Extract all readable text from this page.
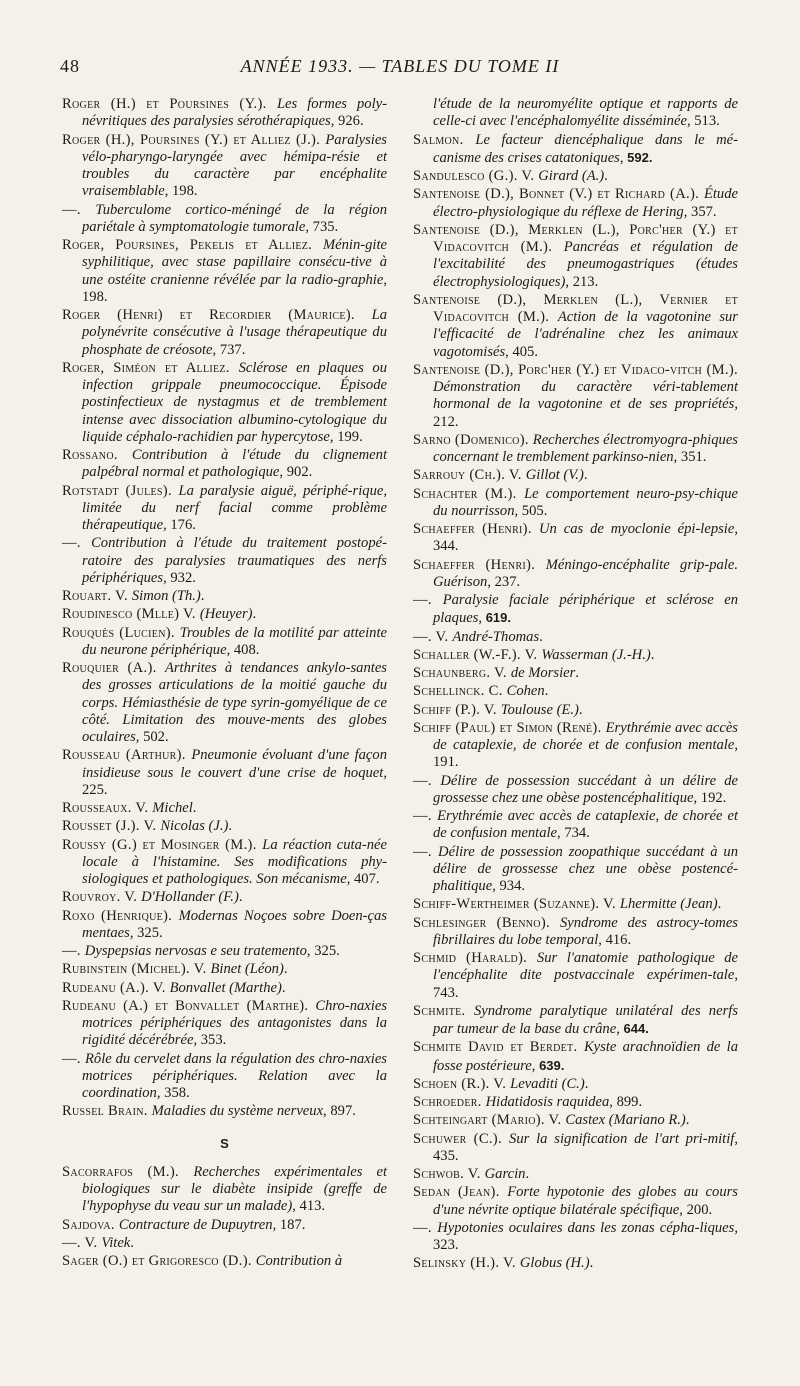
48	ANNÉE 1933. — TABLES DU TOME II

Roger (H.) et Poursines (Y.). Les formes poly-névritiques des paralysies sérothérapiques, 926.

Roger (H.), Poursines (Y.) et Alliez (J.). Paralysies vélo-pharyngo-laryngée avec hémipa-résie et troubles du caractère par encéphalite vraisemblable, 198.

—. Tuberculome cortico-méningé de la région pariétale à symptomatologie tumorale, 735.

Roger, Poursines, Pekelis et Alliez. Ménin-gite syphilitique, avec stase papillaire consécu-tive à une ostéite cranienne révélée par la radio-graphie, 198.

Roger (Henri) et Recordier (Maurice). La polynévrite consécutive à l'usage thérapeutique du phosphate de créosote, 737.

Roger, Siméon et Alliez. Sclérose en plaques ou infection grippale pneumococcique. Épisode postinfectieux de nystagmus et de tremblement intense avec dissociation albumino-cytologique du liquide céphalo-rachidien par hypercytose, 199.

Rossano. Contribution à l'étude du clignement palpébral normal et pathologique, 902.

Rotstadt (Jules). La paralysie aiguë, périphé-rique, limitée du nerf facial comme problème thérapeutique, 176.

—. Contribution à l'étude du traitement postopé-ratoire des paralysies traumatiques des nerfs périphériques, 932.

Rouart. V. Simon (Th.).

Roudinesco (Mlle) V. (Heuyer).

Rouquès (Lucien). Troubles de la motilité par atteinte du neurone périphérique, 408.

Rouquier (A.). Arthrites à tendances ankylo-santes des grosses articulations de la moitié gauche du corps. Hémiasthésie de type syrin-gomyélique de ce côté. Limitation des mouve-ments des globes oculaires, 502.

Rousseau (Arthur). Pneumonie évoluant d'une façon insidieuse sous le couvert d'une crise de hoquet, 225.

Rousseaux. V. Michel.

Rousset (J.). V. Nicolas (J.).

Roussy (G.) et Mosinger (M.). La réaction cuta-née locale à l'histamine. Ses modifications phy-siologiques et pathologiques. Son mécanisme, 407.

Rouvroy. V. D'Hollander (F.).

Roxo (Henrique). Modernas Noçoes sobre Doen-ças mentaes, 325.

—. Dyspepsias nervosas e seu tratemento, 325.

Rubinstein (Michel). V. Binet (Léon).

Rudeanu (A.). V. Bonvallet (Marthe).

Rudeanu (A.) et Bonvallet (Marthe). Chro-naxies motrices périphériques des antagonistes dans la rigidité décérébrée, 353.

—. Rôle du cervelet dans la régulation des chro-naxies motrices périphériques. Relation avec la coordination, 358.

Russel Brain. Maladies du système nerveux, 897.

S

Sacorrafos (M.). Recherches expérimentales et biologiques sur le diabète insipide (greffe de l'hypophyse du veau sur un malade), 413.

Sajdova. Contracture de Dupuytren, 187.

—. V. Vitek.

Sager (O.) et Grigoresco (D.). Contribution à

l'étude de la neuromyélite optique et rapports de celle-ci avec l'encéphalomyélite disséminée, 513.

Salmon. Le facteur diencéphalique dans le mé-canisme des crises catatoniques, 592.

Sandulesco (G.). V. Girard (A.).

Santenoise (D.), Bonnet (V.) et Richard (A.). Étude électro-physiologique du réflexe de Hering, 357.

Santenoise (D.), Merklen (L.), Porc'her (Y.) et Vidacovitch (M.). Pancréas et régulation de l'excitabilité des pneumogastriques (études électrophysiologiques), 213.

Santenoise (D.), Merklen (L.), Vernier et Vidacovitch (M.). Action de la vagotonine sur l'efficacité de l'adrénaline chez les animaux vagotomisés, 405.

Santenoise (D.), Porc'her (Y.) et Vidaco-vitch (M.). Démonstration du caractère véri-tablement hormonal de la vagotonine et de ses propriétés, 212.

Sarno (Domenico). Recherches électromyogra-phiques concernant le tremblement parkinso-nien, 351.

Sarrouy (Ch.). V. Gillot (V.).

Schachter (M.). Le comportement neuro-psy-chique du nourrisson, 505.

Schaeffer (Henri). Un cas de myoclonie épi-lepsie, 344.

Schaeffer (Henri). Méningo-encéphalite grip-pale. Guérison, 237.

—. Paralysie faciale périphérique et sclérose en plaques, 619.

—. V. André-Thomas.

Schaller (W.-F.). V. Wasserman (J.-H.).

Schaunberg. V. de Morsier.

Schellinck. C. Cohen.

Schiff (P.). V. Toulouse (E.).

Schiff (Paul) et Simon (René). Erythrémie avec accès de cataplexie, de chorée et de confusion mentale, 191.

—. Délire de possession succédant à un délire de grossesse chez une obèse postencéphalitique, 192.

—. Erythrémie avec accès de cataplexie, de chorée et de confusion mentale, 734.

—. Délire de possession zoopathique succédant à un délire de grossesse chez une obèse postencé-phalitique, 934.

Schiff-Wertheimer (Suzanne). V. Lhermitte (Jean).

Schlesinger (Benno). Syndrome des astrocy-tomes fibrillaires du lobe temporal, 416.

Schmid (Harald). Sur l'anatomie pathologique de l'encéphalite dite postvaccinale expérimen-tale, 743.

Schmite. Syndrome paralytique unilatéral des nerfs par tumeur de la base du crâne, 644.

Schmite David et Berdet. Kyste arachnoïdien de la fosse postérieure, 639.

Schoen (R.). V. Levaditi (C.).

Schroeder. Hidatidosis raquidea, 899.

Schteingart (Mario). V. Castex (Mariano R.).

Schuwer (C.). Sur la signification de l'art pri-mitif, 435.

Schwob. V. Garcin.

Sedan (Jean). Forte hypotonie des globes au cours d'une névrite optique bilatérale spécifique, 200.

—. Hypotonies oculaires dans les zonas cépha-liques, 323.

Selinsky (H.). V. Globus (H.).
